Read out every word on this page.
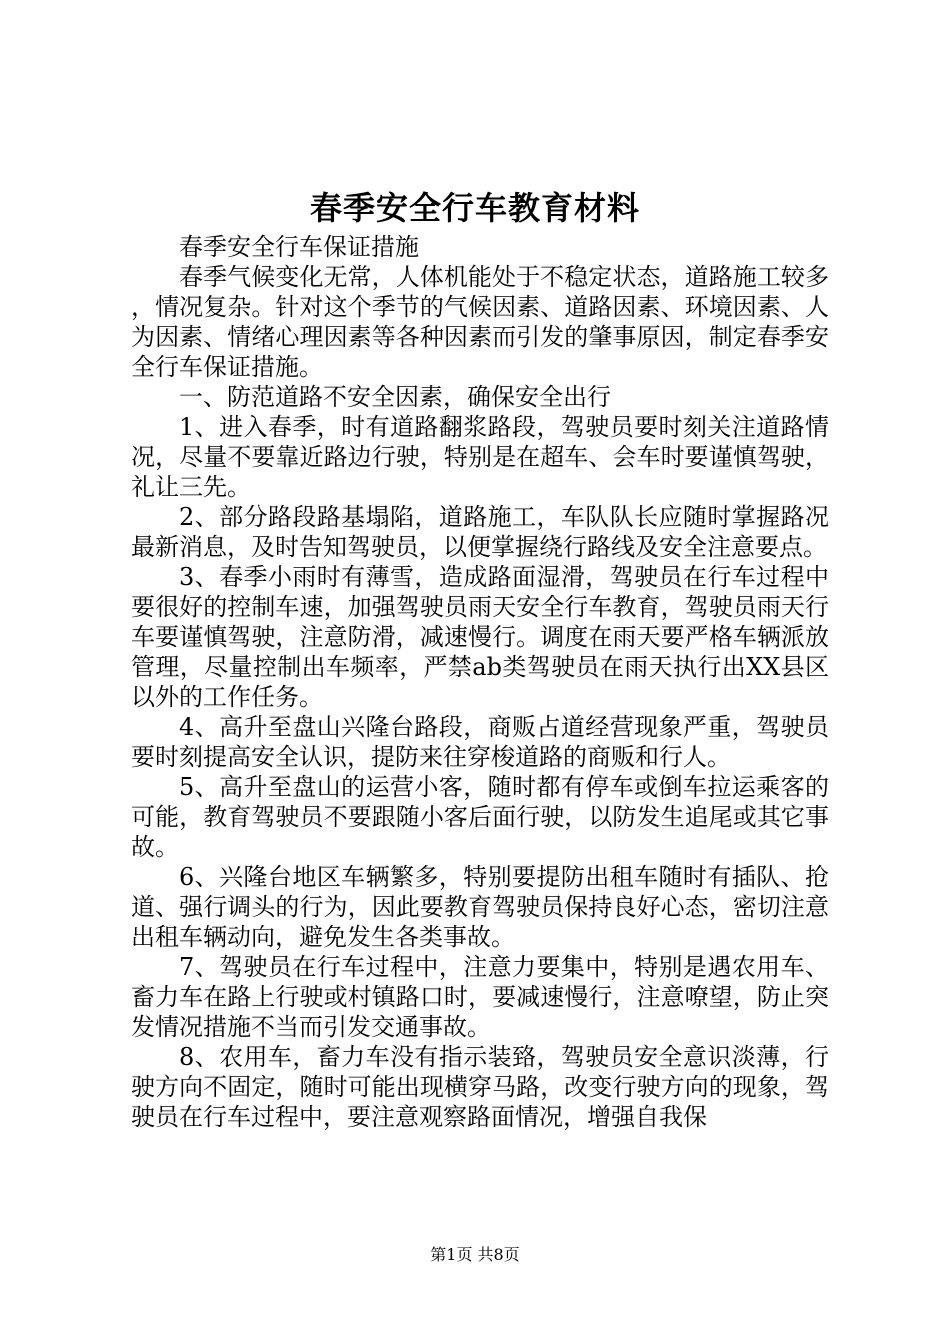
春季安全行车教育材料

春季安全行车保证措施

春季气候变化无常，人体机能处于不稳定状态，道路施工较多，情况复杂。针对这个季节的气候因素、道路因素、环境因素、人为因素、情绪心理因素等各种因素而引发的肇事原因，制定春季安全行车保证措施。

一、防范道路不安全因素，确保安全出行

1、进入春季，时有道路翻浆路段，驾驶员要时刻关注道路情况，尽量不要靠近路边行驶，特别是在超车、会车时要谨慎驾驶，礼让三先。

2、部分路段路基塌陷，道路施工，车队队长应随时掌握路况最新消息，及时告知驾驶员，以便掌握绕行路线及安全注意要点。

3、春季小雨时有薄雪，造成路面湿滑，驾驶员在行车过程中要很好的控制车速，加强驾驶员雨天安全行车教育，驾驶员雨天行车要谨慎驾驶，注意防滑，减速慢行。调度在雨天要严格车辆派放管理，尽量控制出车频率，严禁ab类驾驶员在雨天执行出XX县区以外的工作任务。

4、高升至盘山兴隆台路段，商贩占道经营现象严重，驾驶员要时刻提高安全认识，提防来往穿梭道路的商贩和行人。

5、高升至盘山的运营小客，随时都有停车或倒车拉运乘客的可能，教育驾驶员不要跟随小客后面行驶，以防发生追尾或其它事故。

6、兴隆台地区车辆繁多，特别要提防出租车随时有插队、抢道、强行调头的行为，因此要教育驾驶员保持良好心态，密切注意出租车辆动向，避免发生各类事故。

7、驾驶员在行车过程中，注意力要集中，特别是遇农用车、畜力车在路上行驶或村镇路口时，要减速慢行，注意嘹望，防止突发情况措施不当而引发交通事故。

8、农用车，畜力车没有指示装臵，驾驶员安全意识淡薄，行驶方向不固定，随时可能出现横穿马路，改变行驶方向的现象，驾驶员在行车过程中，要注意观察路面情况，增强自我保

第1页 共8页
